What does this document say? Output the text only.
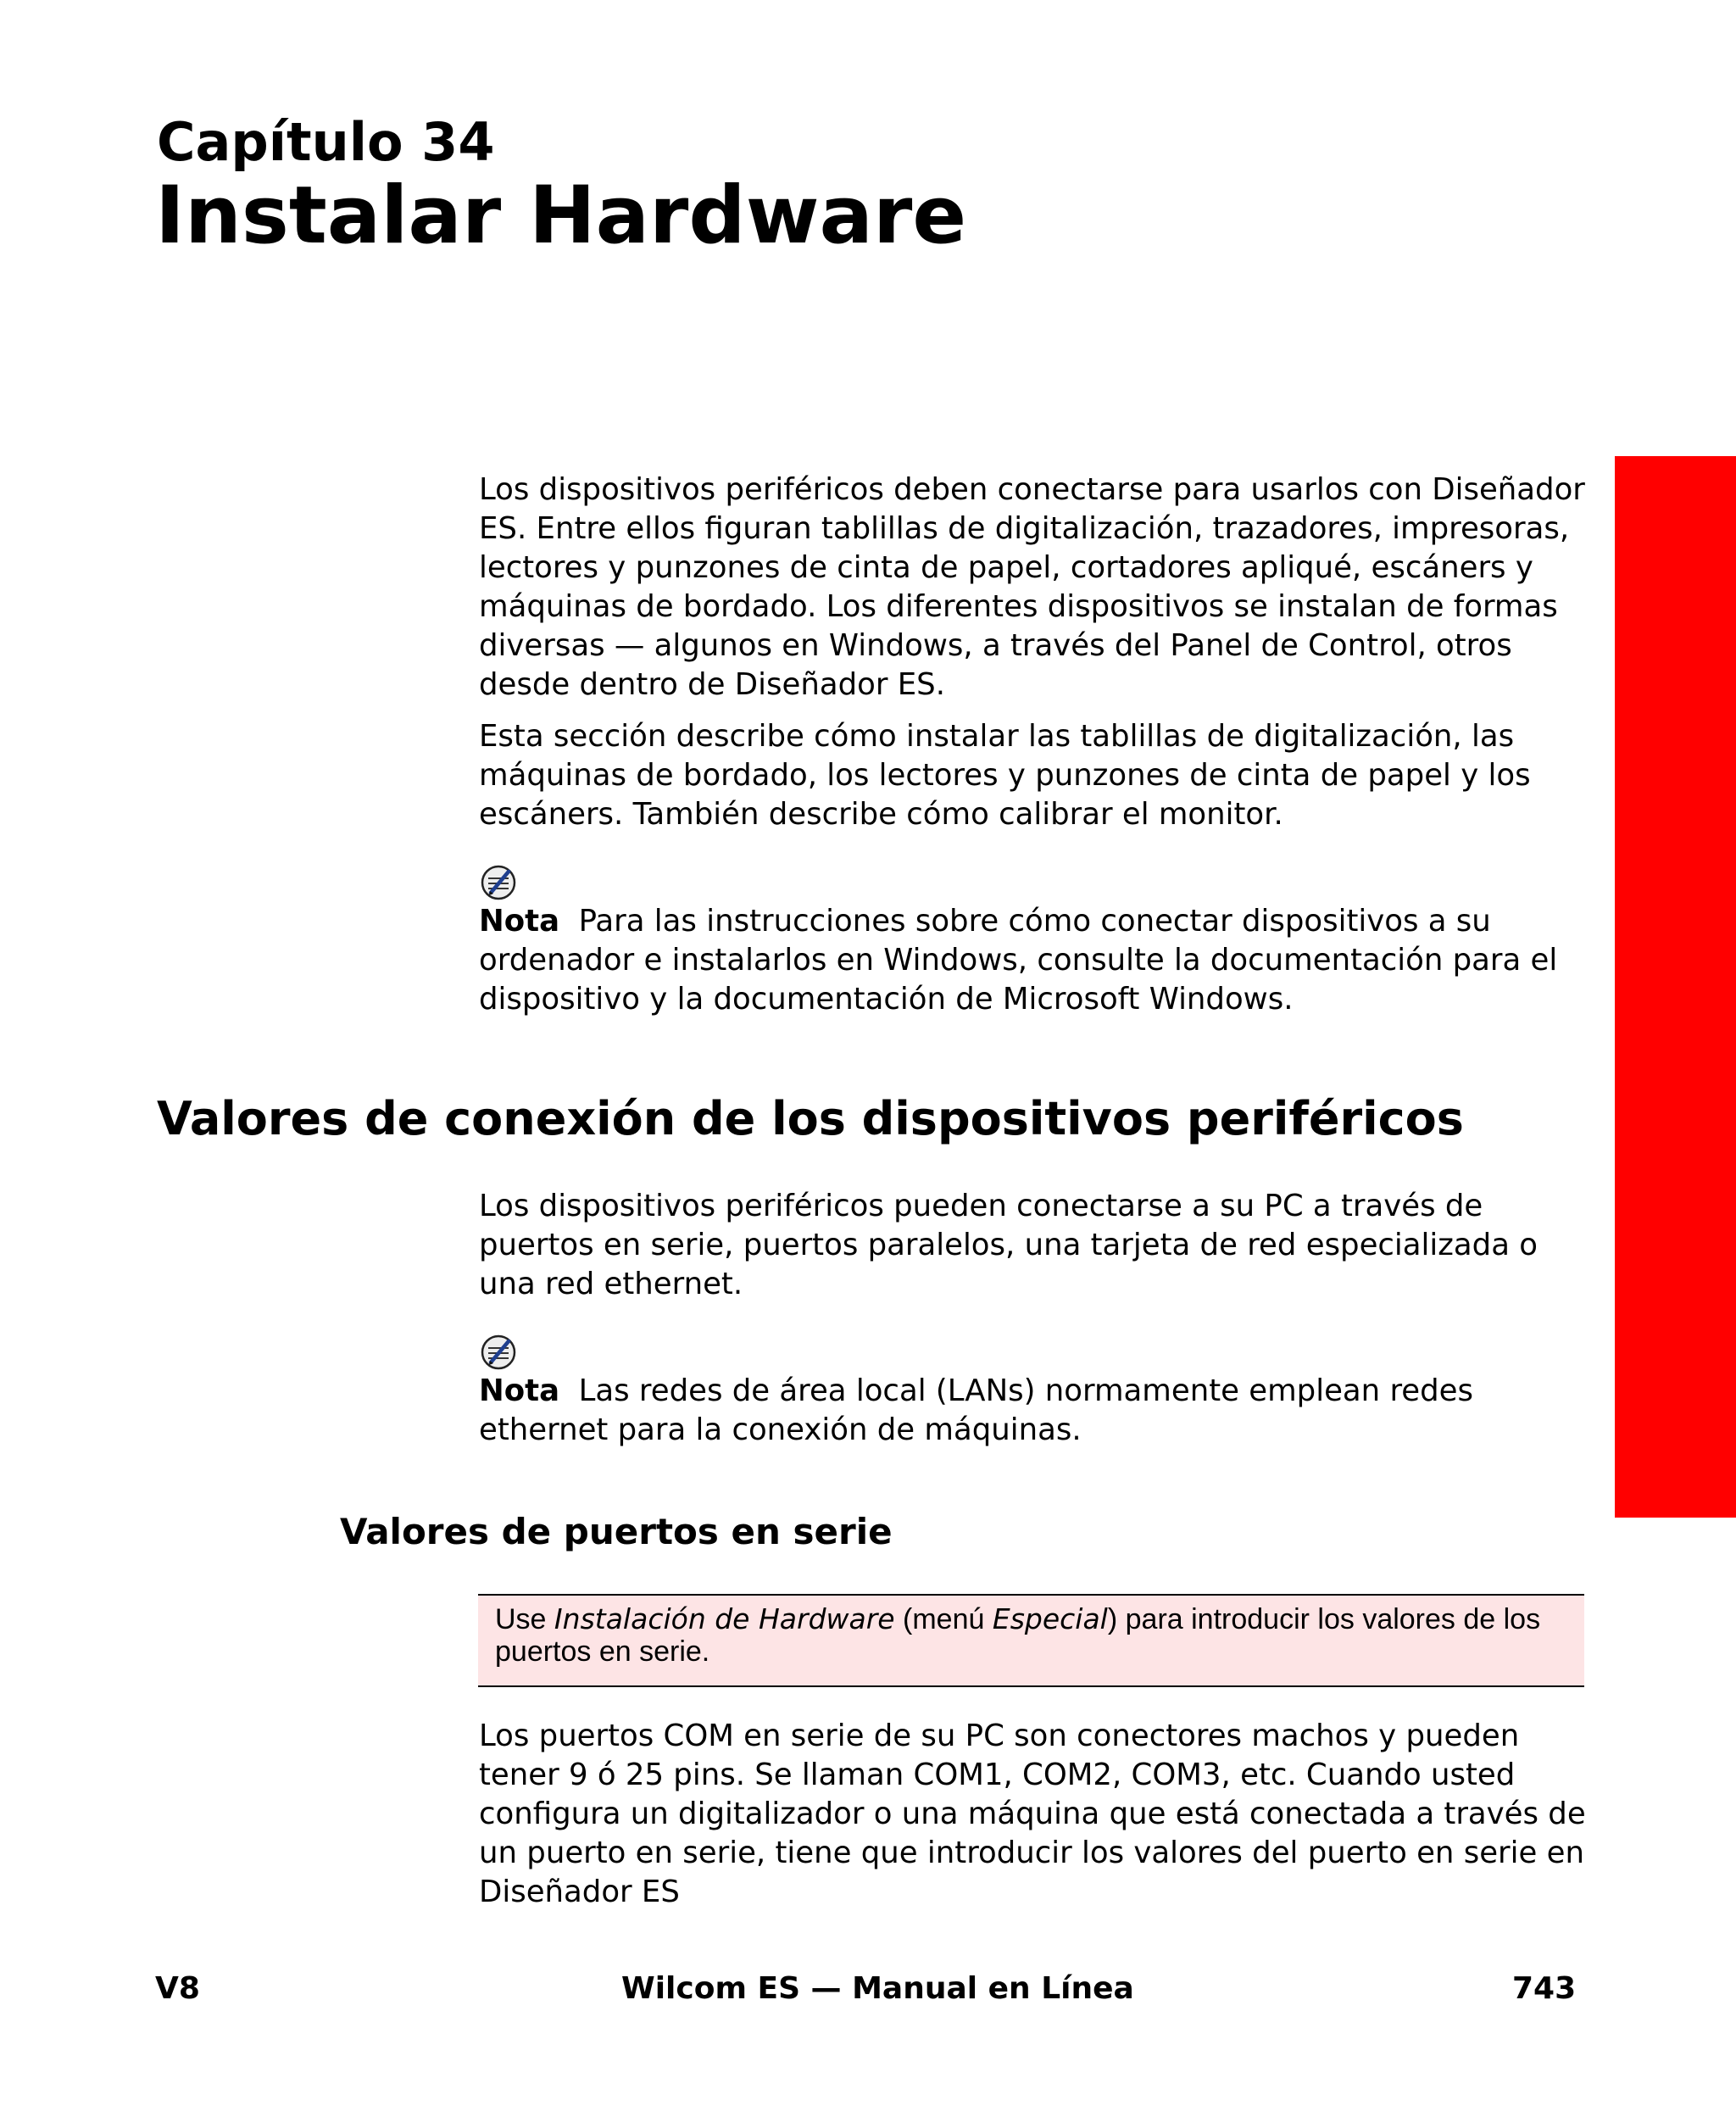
Capítulo 34
Instalar Hardware

Los dispositivos periféricos deben conectarse para usarlos con Diseñador ES. Entre ellos figuran tablillas de digitalización, trazadores, impresoras, lectores y punzones de cinta de papel, cortadores apliqué, escáners y máquinas de bordado. Los diferentes dispositivos se instalan de formas diversas — algunos en Windows, a través del Panel de Control, otros desde dentro de Diseñador ES.

Esta sección describe cómo instalar las tablillas de digitalización, las máquinas de bordado, los lectores y punzones de cinta de papel y los escáners. También describe cómo calibrar el monitor.

Nota Para las instrucciones sobre cómo conectar dispositivos a su ordenador e instalarlos en Windows, consulte la documentación para el dispositivo y la documentación de Microsoft Windows.

Valores de conexión de los dispositivos periféricos

Los dispositivos periféricos pueden conectarse a su PC a través de puertos en serie, puertos paralelos, una tarjeta de red especializada o una red ethernet.

Nota Las redes de área local (LANs) normamente emplean redes ethernet para la conexión de máquinas.

Valores de puertos en serie
Use Instalación de Hardware (menú Especial) para introducir los valores de los puertos en serie.

Los puertos COM en serie de su PC son conectores machos y pueden tener 9 ó 25 pins. Se llaman COM1, COM2, COM3, etc. Cuando usted configura un digitalizador o una máquina que está conectada a través de un puerto en serie, tiene que introducir los valores del puerto en serie en Diseñador ES

V8	Wilcom ES — Manual en Línea	743
